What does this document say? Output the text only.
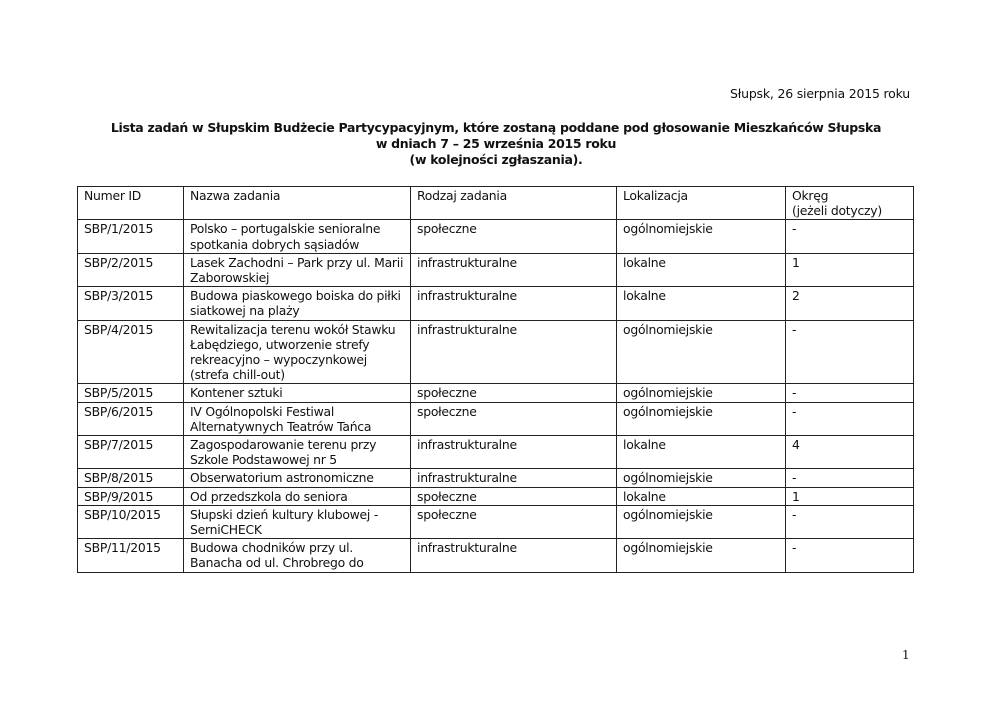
Słupsk, 26 sierpnia 2015 roku
Lista zadań w Słupskim Budżecie Partycypacyjnym, które zostaną poddane pod głosowanie Mieszkańców Słupska
w dniach 7 – 25 września 2015 roku
(w kolejności zgłaszania).
Numer ID	Nazwa zadania	Rodzaj zadania	Lokalizacja	Okręg
(jeżeli dotyczy)
SBP/1/2015	Polsko – portugalskie senioralne spotkania dobrych sąsiadów	społeczne	ogólnomiejskie	-
SBP/2/2015	Lasek Zachodni – Park przy ul. Marii Zaborowskiej	infrastrukturalne	lokalne	1
SBP/3/2015	Budowa piaskowego boiska do piłki siatkowej na plaży	infrastrukturalne	lokalne	2
SBP/4/2015	Rewitalizacja terenu wokół Stawku Łabędziego, utworzenie strefy rekreacyjno – wypoczynkowej (strefa chill-out)	infrastrukturalne	ogólnomiejskie	-
SBP/5/2015	Kontener sztuki	społeczne	ogólnomiejskie	-
SBP/6/2015	IV Ogólnopolski Festiwal Alternatywnych Teatrów Tańca	społeczne	ogólnomiejskie	-
SBP/7/2015	Zagospodarowanie terenu przy Szkole Podstawowej nr 5	infrastrukturalne	lokalne	4
SBP/8/2015	Obserwatorium astronomiczne	infrastrukturalne	ogólnomiejskie	-
SBP/9/2015	Od przedszkola do seniora	społeczne	lokalne	1
SBP/10/2015	Słupski dzień kultury klubowej - SerniCHECK	społeczne	ogólnomiejskie	-
SBP/11/2015	Budowa chodników przy ul. Banacha od ul. Chrobrego do	infrastrukturalne	ogólnomiejskie	-
1
